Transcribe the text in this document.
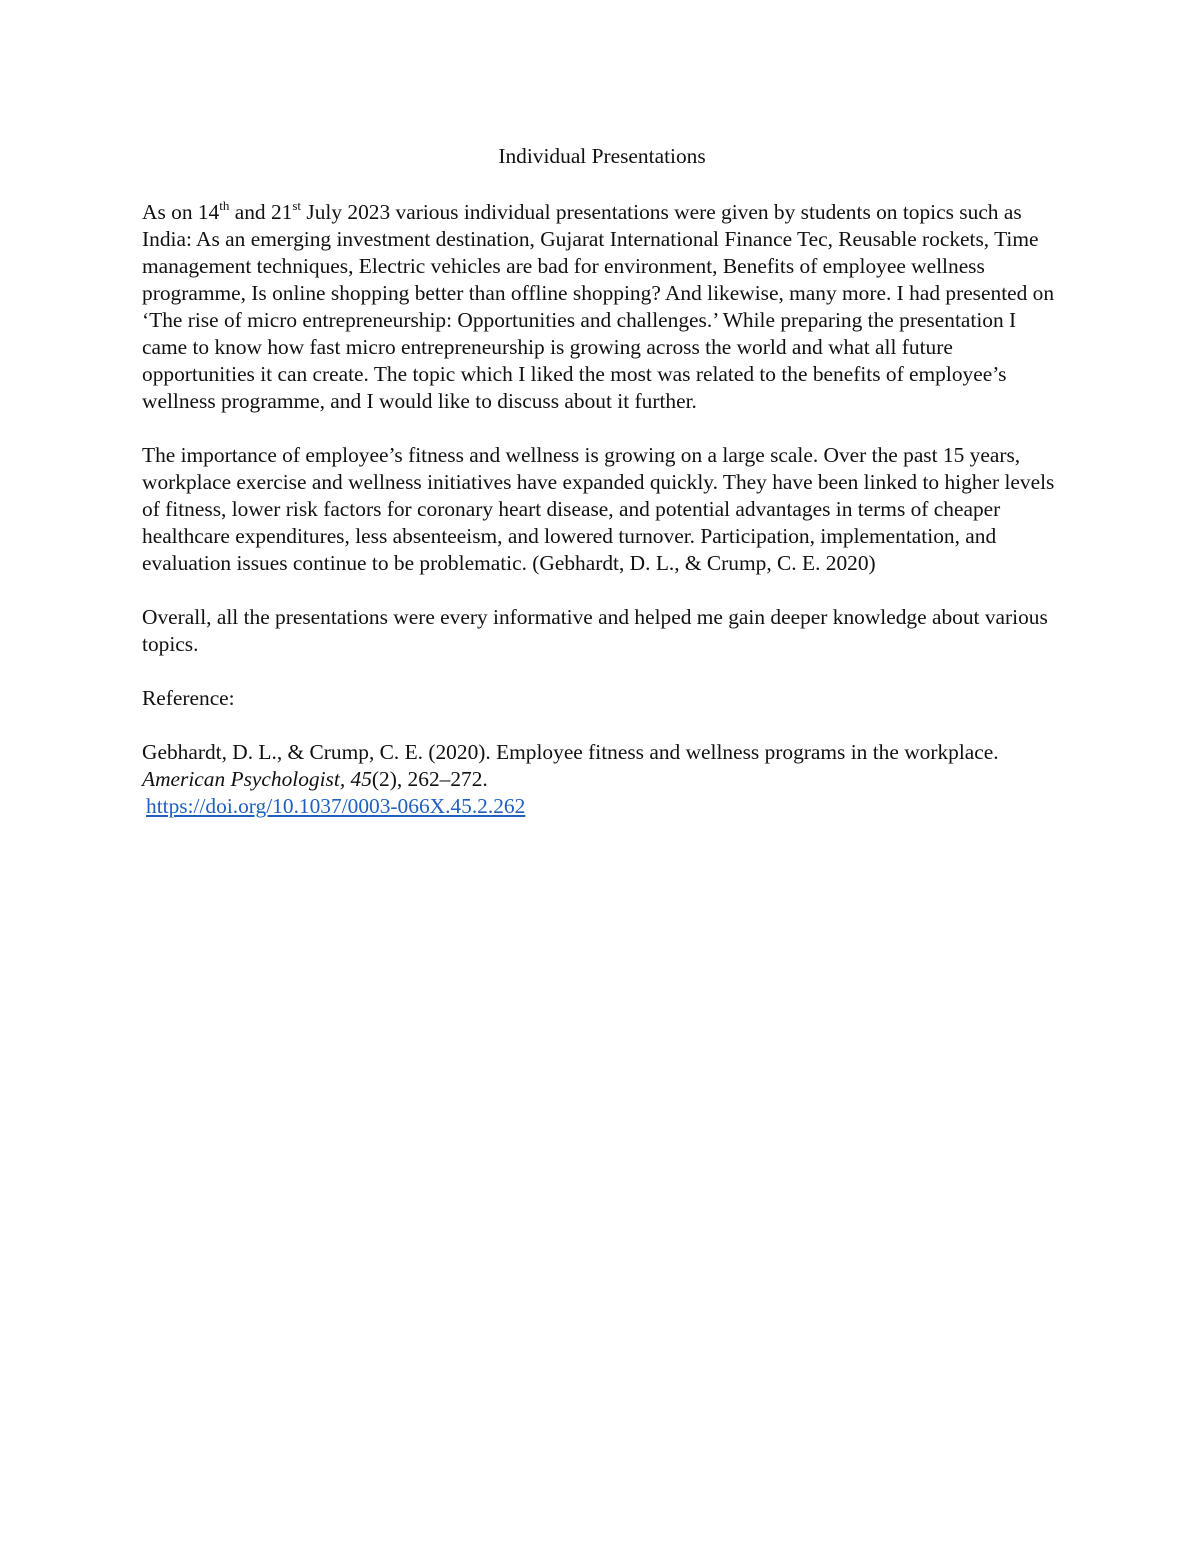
Individual Presentations

As on 14th and 21st July 2023 various individual presentations were given by students on topics such as India: As an emerging investment destination, Gujarat International Finance Tec, Reusable rockets, Time management techniques, Electric vehicles are bad for environment, Benefits of employee wellness programme, Is online shopping better than offline shopping? And likewise, many more. I had presented on ‘The rise of micro entrepreneurship: Opportunities and challenges.’ While preparing the presentation I came to know how fast micro entrepreneurship is growing across the world and what all future opportunities it can create. The topic which I liked the most was related to the benefits of employee’s wellness programme, and I would like to discuss about it further.

The importance of employee’s fitness and wellness is growing on a large scale. Over the past 15 years, workplace exercise and wellness initiatives have expanded quickly. They have been linked to higher levels of fitness, lower risk factors for coronary heart disease, and potential advantages in terms of cheaper healthcare expenditures, less absenteeism, and lowered turnover. Participation, implementation, and evaluation issues continue to be problematic. (Gebhardt, D. L., & Crump, C. E. 2020)

Overall, all the presentations were every informative and helped me gain deeper knowledge about various topics.

Reference:

Gebhardt, D. L., & Crump, C. E. (2020). Employee fitness and wellness programs in the workplace. American Psychologist, 45(2), 262–272.
https://doi.org/10.1037/0003-066X.45.2.262
